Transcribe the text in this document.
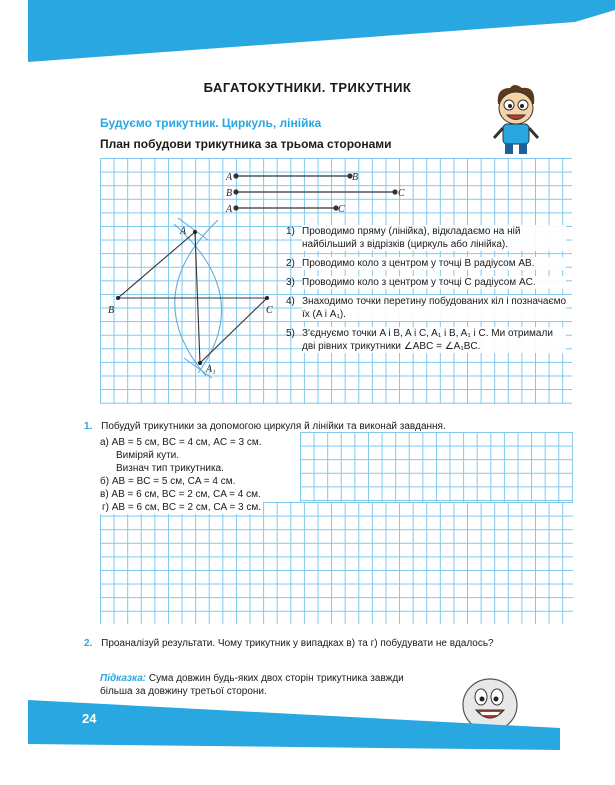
БАГАТОКУТНИКИ. ТРИКУТНИК
Будуємо трикутник. Циркуль, лінійка
План побудови трикутника за трьома сторонами
A	B
B	C
A	C
A
B	C
A₁
1) Проводимо пряму (лінійка), відкладаємо на ній найбільший з відрізків (циркуль або лінійка).
2) Проводимо коло з центром у точці B радіусом AB.
3) Проводимо коло з центром у точці C радіусом AC.
4) Знаходимо точки перетину побудованих кіл і позначаємо їх (A і A₁).
5) З'єднуємо точки A і B, A і C, A₁ і B, A₁ і C. Ми отримали дві рівних трикутники ∠ABC = ∠A₁BC.
1. Побудуй трикутники за допомогою циркуля й лінійки та виконай завдання.
а) AB = 5 см, BC = 4 см, AC = 3 см.
Виміряй кути.
Визнач тип трикутника.
б) AB = BC = 5 см, CA = 4 см.
в) AB = 6 см, BC = 2 см, CA = 4 см.
г) AB = 6 см, BC = 2 см, CA = 3 см.
2. Проаналізуй результати. Чому трикутник у випадках в) та г) побудувати не вдалось?
Підказка: Сума довжин будь-яких двох сторін трикутника завжди більша за довжину третьої сторони.
24
